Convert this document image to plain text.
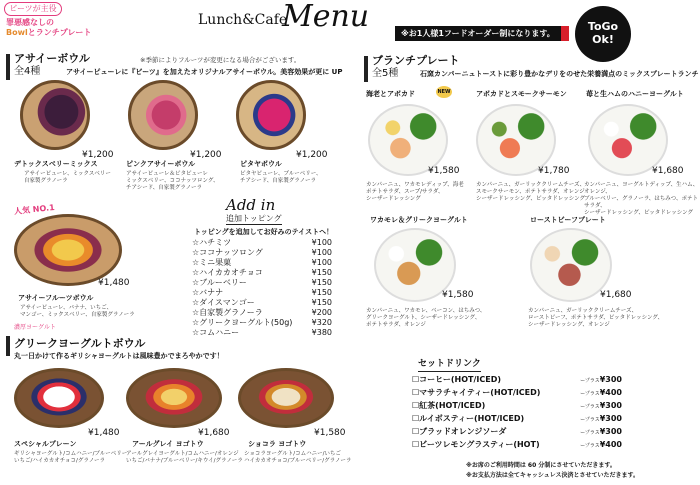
ビーツが主役
罪悪感なしの
Bowlとランチプレート
Lunch&Cafe
Menu	※お1人様1フードオーダー制になります。
ToGo
Ok!
アサイーボウル
全4種
※季節によりフルーツが変更になる場合がございます。
アサイーピューレに『ビーツ』を加えたオリジナルアサイーボウル。美容効果が更に UP
¥1,200
デトックスベリーミックス
アサイーピューレ、ミックスベリー
自家製グラノーラ
¥1,200
ピンクアサイーボウル
アサイーピューレ＆ビタピューレ
ミックスベリー、ココナッツロング、
チアシード、自家製グラノーラ
¥1,200
ピタヤボウル
ピタヤピューレ、ブルーベリー、
チアシード、自家製グラノーラ
人気 NO.1
¥1,480
アサイーフルーツボウル
アサイーピューレ、バナナ、いちご、
マンゴー、ミックスベリー、自家製グラノーラ
Add in
追加トッピング
トッピングを追加してお好みのテイストへ！
☆ハチミツ	¥100
☆ココナッツロング	¥100
☆ミニ果菓	¥100
☆ハイカカオチョコ	¥150
☆ブルーベリー	¥150
☆バナナ	¥150
☆ダイスマンゴー	¥150
☆自家製グラノーラ	¥200
☆グリークヨーグルト(50g) ¥320
☆コムハニー	¥380
濃厚ヨーグルト
グリークヨーグルトボウル
丸一日かけて作るギリシャヨーグルトは風味豊かでまろやかです！
¥1,480
スペシャルプレーン
ギリシャヨーグルト/コムハニー/ブルーベリー
いちご/ハイカカオチョコ/グラノーラ
¥1,680
アールグレイ ヨゴトウ
アールグレイヨーグルト/コムハニー/オレンジ
いちご/バナナ/ブルーベリー/キウイ/グラノーラ
¥1,580
ショコラ ヨゴトウ
ショコラヨーグルト/コムハニー/いちご
ハイカカオチョコ/ブルーベリー/グラノーラ
ブランチプレート
全5種	石窯カンパーニュトーストに彩り豊かなデリをのせた栄養満点のミックスプレートランチ
海老とアボカド	NEW
¥1,580
カンパーニュ、ワカモレディップ、海老
ポテトサラダ、スープ/サラダ、
シーザードレッシング
アボカドとスモークサーモン
¥1,780
カンパーニュ、ガーリッククリームチーズ、
スモークサーモン、ポテトサラダ、オレンジ
シーザードレッシング、ピッタドレッシング
苺と生ハムのハニーヨーグルト
¥1,680
カンパーニュ、ヨーグルトディップ、生ハム、オレンジ、
ブルーベリー、グラノーラ、はちみつ、ポテトサラダ、
シーザードレッシング、ピッタドレッシング
ワカモレ＆グリークヨーグルト
¥1,580
カンパーニュ、ワカモレ、ベーコン、はちみつ、
グリークヨーグルト、シーザードレッシング、
ポテトサラダ、オレンジ
ローストビーフプレート
¥1,680
カンパーニュ、ガーリッククリームチーズ、
ローストビーフ、ポテトサラダ、ピッタドレッシング、
シーザードレッシング、オレンジ
セットドリンク
☐コーヒー(HOT/ICED)	ープラス¥300
☐マサラチャイティー(HOT/ICED)	ープラス¥400
☐紅茶(HOT/ICED)	ープラス¥300
☐ルイボスティー(HOT/ICED)	ープラス¥300
☐ブラッドオレンジソーダ	ープラス¥300
☐ビーツレモングラスティー(HOT)	ープラス¥400
※お席のご利用時間は 60 分制にさせていただきます。
※お支払方法は全てキャッシュレス決済とさせていただきます。
